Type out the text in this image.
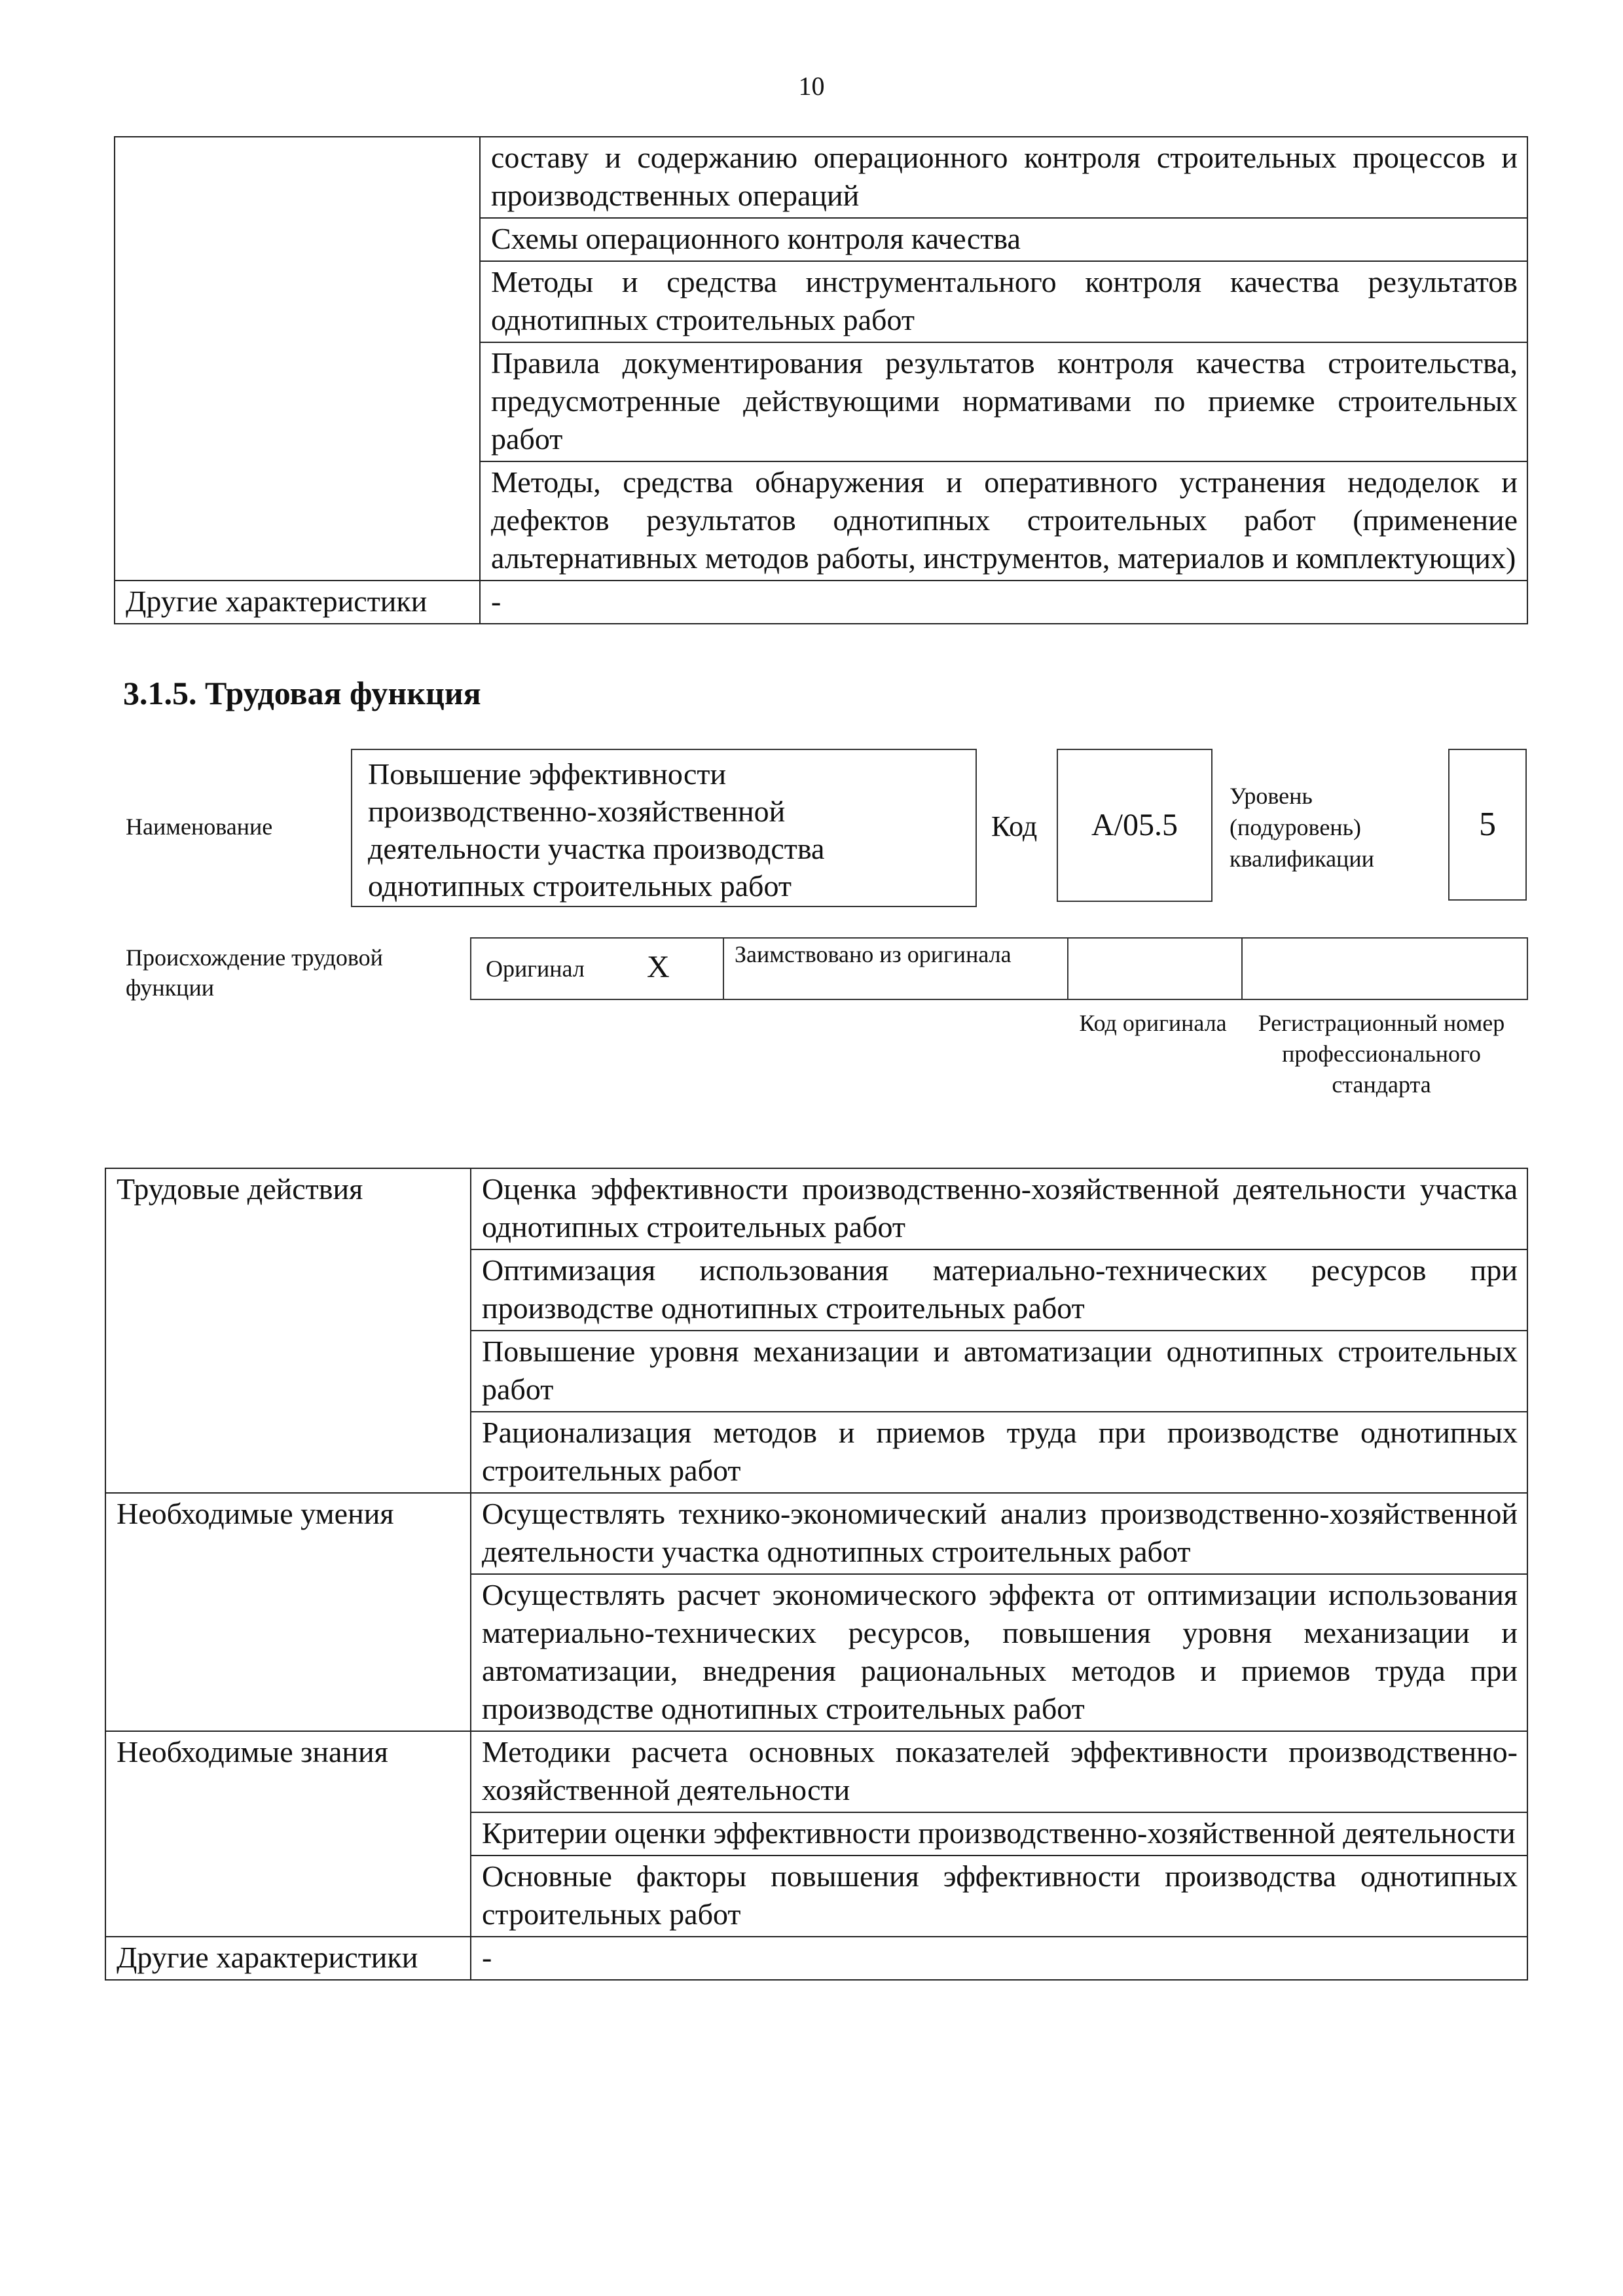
10
	составу и содержанию операционного контроля строительных процессов и производственных операций
	Схемы операционного контроля качества
	Методы и средства инструментального контроля качества результатов однотипных строительных работ
	Правила документирования результатов контроля качества строительства, предусмотренные действующими нормативами по приемке строительных работ
	Методы, средства обнаружения и оперативного устранения недоделок и дефектов результатов однотипных строительных работ (применение альтернативных методов работы, инструментов, материалов и комплектующих)
Другие характеристики	-
3.1.5. Трудовая функция
Наименование
Повышение эффективности производственно-хозяйственной деятельности участка производства однотипных строительных работ
Код	А/05.5
Уровень (подуровень) квалификации
5
Происхождение трудовой функции
Оригинал X	Заимствовано из оригинала
Код оригинала	Регистрационный номер профессионального стандарта
Трудовые действия	Оценка эффективности производственно-хозяйственной деятельности участка однотипных строительных работ
	Оптимизация использования материально-технических ресурсов при производстве однотипных строительных работ
	Повышение уровня механизации и автоматизации однотипных строительных работ
	Рационализация методов и приемов труда при производстве однотипных строительных работ
Необходимые умения	Осуществлять технико-экономический анализ производственно-хозяйственной деятельности участка однотипных строительных работ
	Осуществлять расчет экономического эффекта от оптимизации использования материально-технических ресурсов, повышения уровня механизации и автоматизации, внедрения рациональных методов и приемов труда при производстве однотипных строительных работ
Необходимые знания	Методики расчета основных показателей эффективности производственно-хозяйственной деятельности
	Критерии оценки эффективности производственно-хозяйственной деятельности
	Основные факторы повышения эффективности производства однотипных строительных работ
Другие характеристики	-
